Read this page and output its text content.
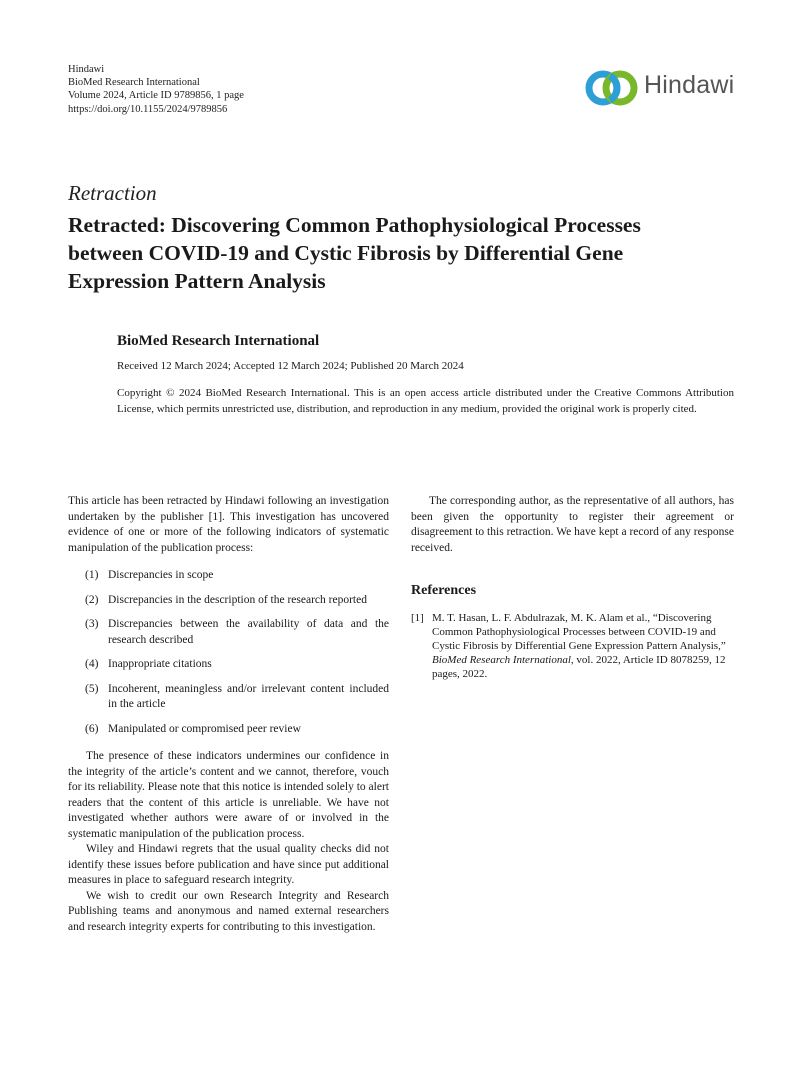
Hindawi
BioMed Research International
Volume 2024, Article ID 9789856, 1 page
https://doi.org/10.1155/2024/9789856
Hindawi
Retraction
Retracted: Discovering Common Pathophysiological Processes between COVID-19 and Cystic Fibrosis by Differential Gene Expression Pattern Analysis
BioMed Research International
Received 12 March 2024; Accepted 12 March 2024; Published 20 March 2024

Copyright © 2024 BioMed Research International. This is an open access article distributed under the Creative Commons Attribution License, which permits unrestricted use, distribution, and reproduction in any medium, provided the original work is properly cited.

This article has been retracted by Hindawi following an investigation undertaken by the publisher [1]. This investigation has uncovered evidence of one or more of the following indicators of systematic manipulation of the publication process:

(1) Discrepancies in scope
(2) Discrepancies in the description of the research reported
(3) Discrepancies between the availability of data and the research described
(4) Inappropriate citations
(5) Incoherent, meaningless and/or irrelevant content included in the article
(6) Manipulated or compromised peer review

The presence of these indicators undermines our confidence in the integrity of the article’s content and we cannot, therefore, vouch for its reliability. Please note that this notice is intended solely to alert readers that the content of this article is unreliable. We have not investigated whether authors were aware of or involved in the systematic manipulation of the publication process.

Wiley and Hindawi regrets that the usual quality checks did not identify these issues before publication and have since put additional measures in place to safeguard research integrity.

We wish to credit our own Research Integrity and Research Publishing teams and anonymous and named external researchers and research integrity experts for contributing to this investigation.

The corresponding author, as the representative of all authors, has been given the opportunity to register their agreement or disagreement to this retraction. We have kept a record of any response received.

References
[1] M. T. Hasan, L. F. Abdulrazak, M. K. Alam et al., “Discovering Common Pathophysiological Processes between COVID-19 and Cystic Fibrosis by Differential Gene Expression Pattern Analysis,” BioMed Research International, vol. 2022, Article ID 8078259, 12 pages, 2022.
